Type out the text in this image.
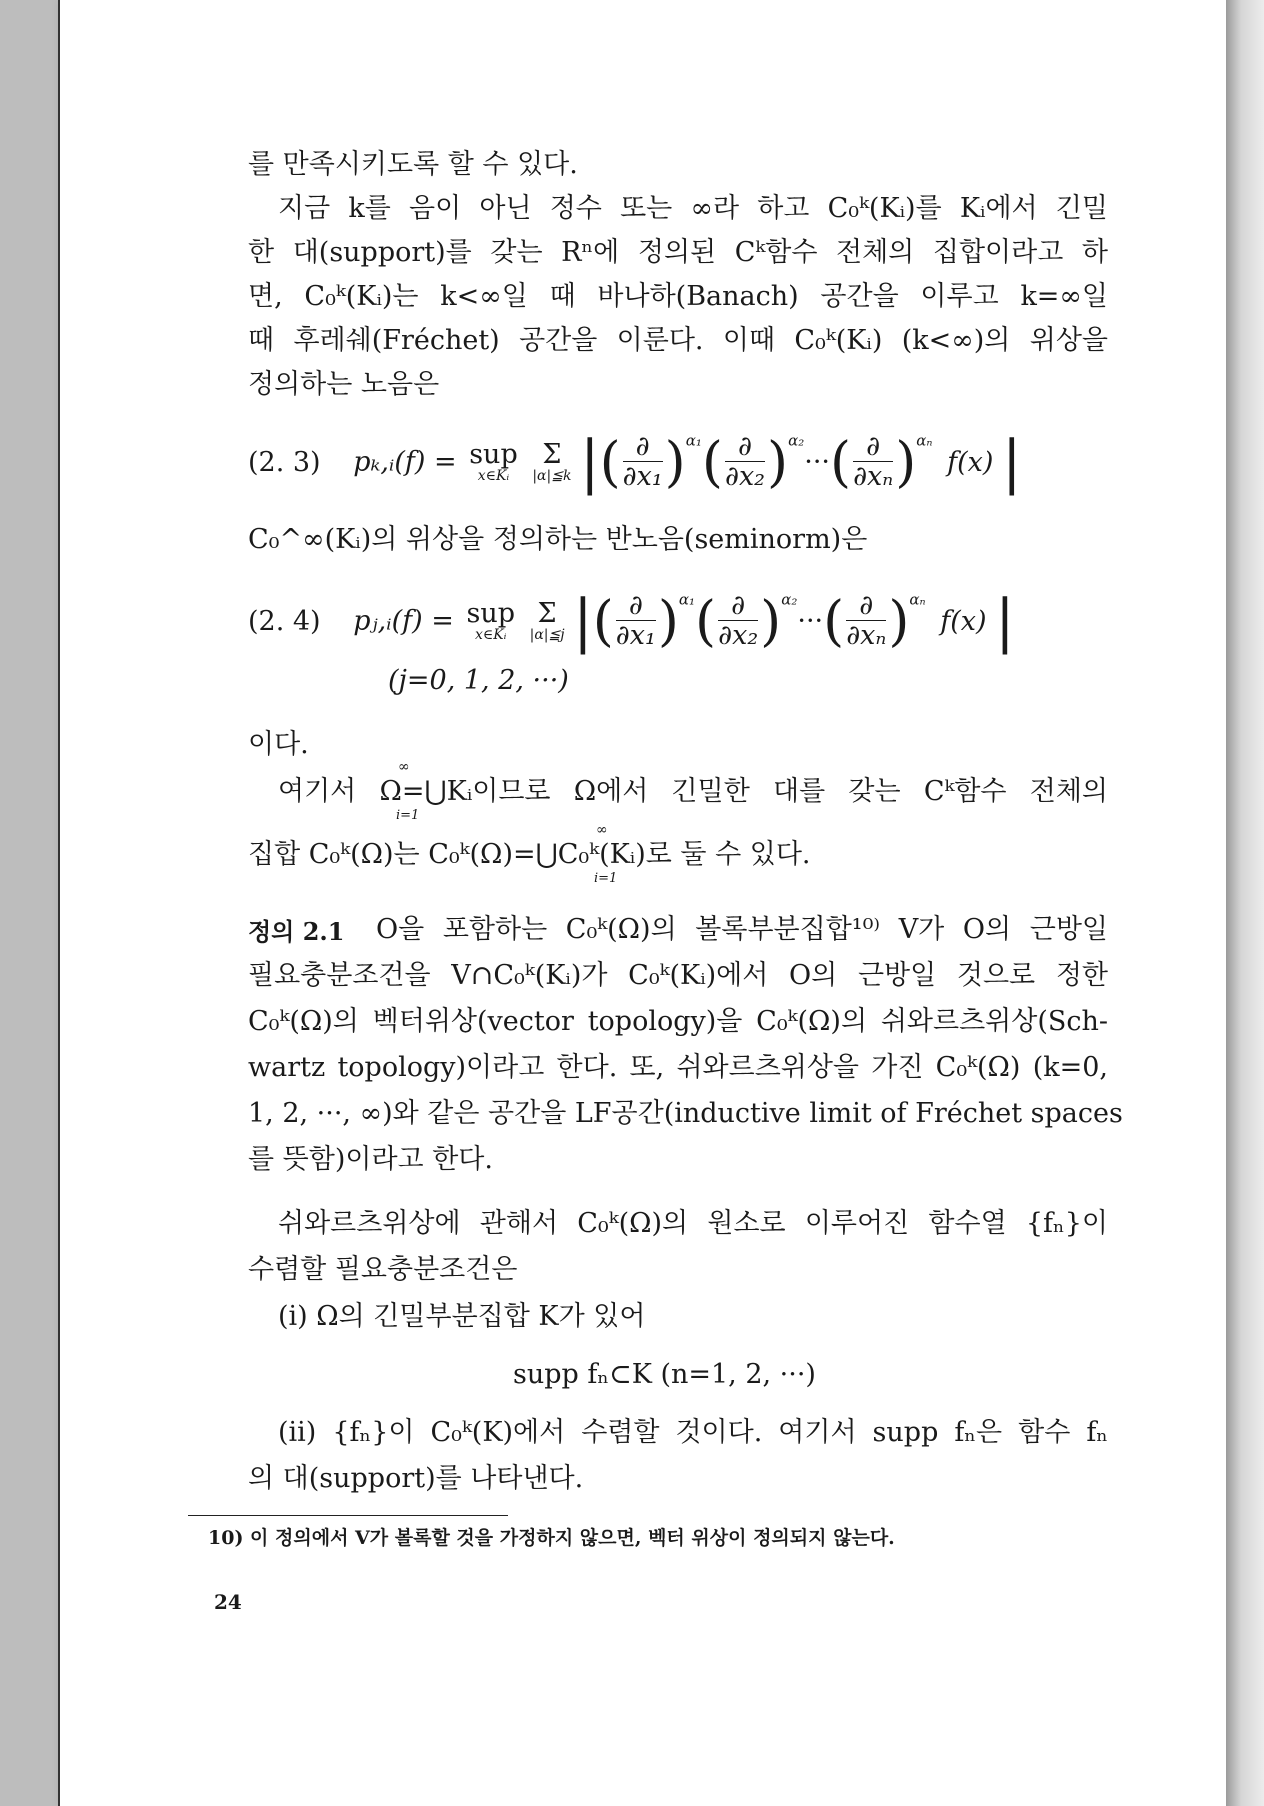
를 만족시키도록 할 수 있다.
지금 k를 음이 아닌 정수 또는 ∞라 하고 C₀ᵏ(Kᵢ)를 Kᵢ에서 긴밀
한 대(support)를 갖는 Rⁿ에 정의된 Cᵏ함수 전체의 집합이라고 하
면, C₀ᵏ(Kᵢ)는 k<∞일 때 바나하(Banach) 공간을 이루고 k=∞일
때 후레쉐(Fréchet) 공간을 이룬다. 이때 C₀ᵏ(Kᵢ) (k<∞)의 위상을
정의하는 노음은
(2. 3) pₖ,ᵢ(f) = sup
x∈Kᵢ

Σ
|α|≦k |( $\frac{\partial}{\text{∂x₁}} )^{\alpha_1}( \frac{\partial}{\text{∂x₂}} )^{\alpha_2}\cdot\cdot\cdot( \frac{\partial}{\text{∂xₙ}} )^{\alpha_n}$ f(x) |
C₀^∞(Kᵢ)의 위상을 정의하는 반노음(seminorm)은
(2. 4) pⱼ,ᵢ(f) = sup
x∈Kᵢ

Σ
|α|≦j |( $\frac{\partial}{\text{∂x₁}} )^{\alpha_1}( \frac{\partial}{\text{∂x₂}} )^{\alpha_2}\cdot\cdot\cdot( \frac{\partial}{\text{∂xₙ}} )^{\alpha_n}$ f(x) |
(j=0, 1, 2, ···)
이다.
여기서 Ω=⋃Kᵢ이므로 Ω에서 긴밀한 대를 갖는 Cᵏ함수 전체의
∞
i=1
집합 C₀ᵏ(Ω)는 C₀ᵏ(Ω)=⋃C₀ᵏ(Kᵢ)로 둘 수 있다.
∞
i=1
정의 2.1 O을 포함하는 C₀ᵏ(Ω)의 볼록부분집합¹⁰⁾ V가 O의 근방일
필요충분조건을 V∩C₀ᵏ(Kᵢ)가 C₀ᵏ(Kᵢ)에서 O의 근방일 것으로 정한
C₀ᵏ(Ω)의 벡터위상(vector topology)을 C₀ᵏ(Ω)의 쉬와르츠위상(Sch-
wartz topology)이라고 한다. 또, 쉬와르츠위상을 가진 C₀ᵏ(Ω) (k=0,
1, 2, ···, ∞)와 같은 공간을 LF공간(inductive limit of Fréchet spaces
를 뜻함)이라고 한다.
쉬와르츠위상에 관해서 C₀ᵏ(Ω)의 원소로 이루어진 함수열 {fₙ}이
수렴할 필요충분조건은
(i) Ω의 긴밀부분집합 K가 있어
supp fₙ⊂K (n=1, 2, ···)
(ii) {fₙ}이 C₀ᵏ(K)에서 수렴할 것이다. 여기서 supp fₙ은 함수 fₙ
의 대(support)를 나타낸다.
10) 이 정의에서 V가 볼록할 것을 가정하지 않으면, 벡터 위상이 정의되지 않는다.
24
